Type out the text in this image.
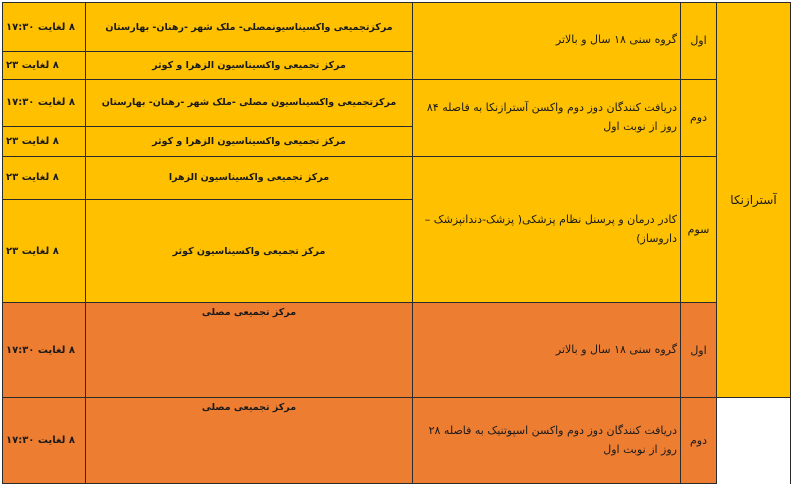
۸ لغایت ۱۷:۳۰	مرکزتجمیعی واکسیناسیونمصلی- ملک شهر -رهنان- بهارستان	گروه سنی ۱۸ سال و بالاتر	اول	آسترازنکا	
۸ لغایت ۲۳	مرکز تجمیعی واکسیناسیون الزهرا و کوثر				
۸ لغایت ۱۷:۳۰	مرکزتجمیعی واکسیناسیون مصلی -ملک شهر -رهنان- بهارستان	دریافت کنندگان دوز دوم واکسن آسترازنکا به فاصله ۸۴ روز از نوبت اول	دوم		
۸ لغایت ۲۳	مرکز تجمیعی واکسیناسیون الزهرا و کوثر				
۸ لغایت ۲۳	مرکز تجمیعی واکسیناسیون الزهرا	کادر درمان و پرسنل نظام پزشکی( پزشک-دندانپزشک – داروساز)	سوم		
۸ لغایت ۲۳	مرکز تجمیعی واکسیناسیون کوثر				
۸ لغایت ۱۷:۳۰	مرکز تجمیعی مصلی	گروه سنی ۱۸ سال و بالاتر	اول	
۸ لغایت ۱۷:۳۰	مرکز تجمیعی مصلی	دریافت کنندگان دوز دوم واکسن اسپوتنیک به فاصله ۲۸ روز از نوبت اول	دوم		
